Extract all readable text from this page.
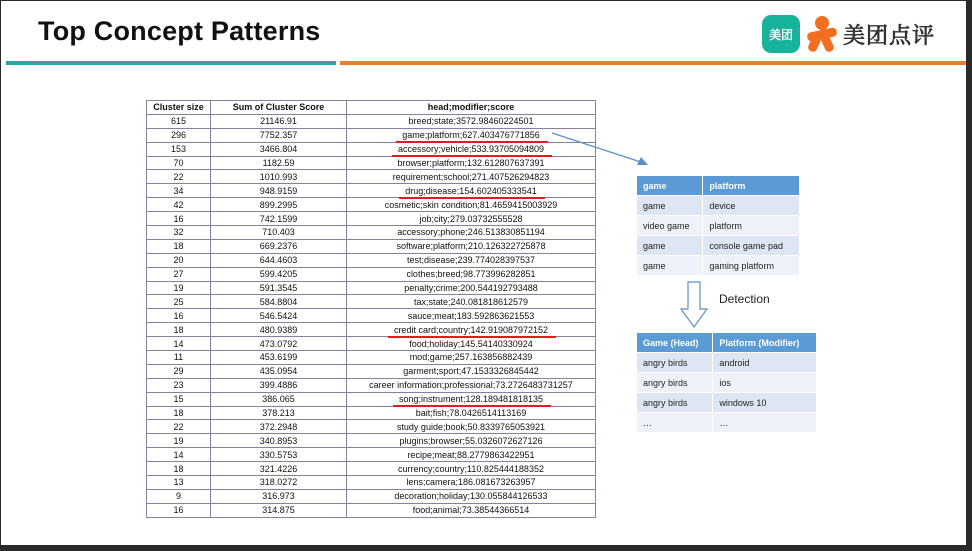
Top Concept Patterns	美团	美团点评
Cluster size	Sum of Cluster Score	head;modifier;score
615	21146.91	breed;state;3572.98460224501
296	7752.357	game;platform;627.403476771856
153	3466.804	accessory;vehicle;533.93705094809
70	1182.59	browser;platform;132.612807637391
22	1010.993	requirement;school;271.407526294823
34	948.9159	drug;disease;154.602405333541
42	899.2995	cosmetic;skin condition;81.4659415003929
16	742.1599	job;city;279.03732555528
32	710.403	accessory;phone;246.513830851194
18	669.2376	software;platform;210.126322725878
20	644.4603	test;disease;239.774028397537
27	599.4205	clothes;breed;98.773996282851
19	591.3545	penalty;crime;200.544192793488
25	584.8804	tax;state;240.081818612579
16	546.5424	sauce;meat;183.592863621553
18	480.9389	credit card;country;142.919087972152
14	473.0792	food;holiday;145.54140330924
11	453.6199	mod;game;257.163856882439
29	435.0954	garment;sport;47.1533326845442
23	399.4886	career information;professional;73.2726483731257
15	386.065	song;instrument;128.189481818135
18	378.213	bait;fish;78.0426514113169
22	372.2948	study guide;book;50.8339765053921
19	340.8953	plugins;browser;55.0326072627126
14	330.5753	recipe;meat;88.2779863422951
18	321.4226	currency;country;110.825444188352
13	318.0272	lens;camera;186.081673263957
9	316.973	decoration;holiday;130.055844126533
16	314.875	food;animal;73.38544366514
game	platform
game	device
video game	platform
game	console game pad
game	gaming platform
Detection
Game (Head)	Platform (Modifier)
angry birds	android
angry birds	ios
angry birds	windows 10
…	…
